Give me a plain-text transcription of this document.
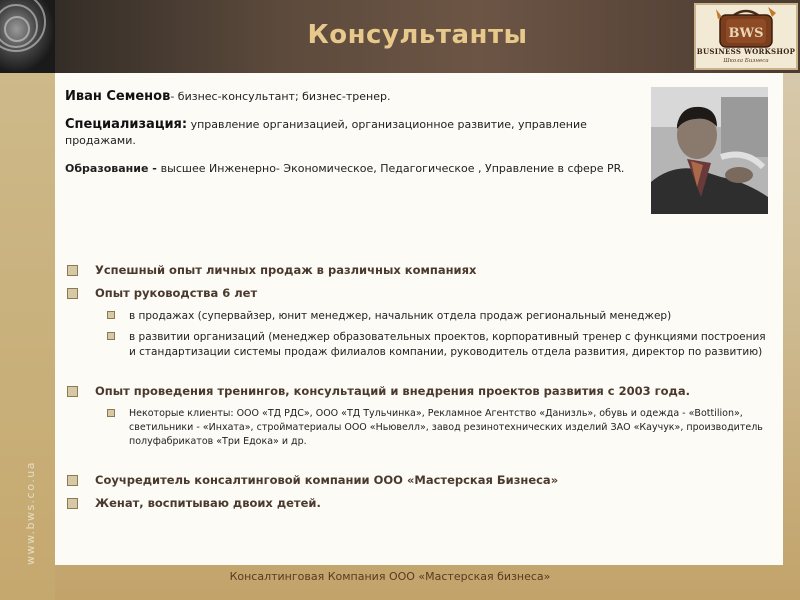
Консультанты	BWS
BUSINESS WORKSHOP
Школа Бизнеса
www.bws.co.ua

Иван Семенов- бизнес-консультант; бизнес-тренер.

Специализация: управление организацией, организационное развитие, управление продажами.

Образование - высшее Инженерно- Экономическое, Педагогическое , Управление в сфере PR.

Успешный опыт личных продаж в различных компаниях
Опыт руководства 6 лет
в продажах (супервайзер, юнит менеджер, начальник отдела продаж региональный менеджер)
в развитии организаций (менеджер образовательных проектов, корпоративный тренер с функциями построения и стандартизации системы продаж филиалов компании, руководитель отдела развития, директор по развитию)
Опыт проведения тренингов, консультаций и внедрения проектов развития с 2003 года.
Некоторые клиенты: ООО «ТД РДС», ООО «ТД Тульчинка», Рекламное Агентство «Данизль», обувь и одежда - «Bottilion», светильники - «Инхата», стройматериалы ООО «Ньювелл», завод резинотехнических изделий ЗАО «Каучук», производитель полуфабрикатов «Три Едока» и др.
Соучредитель консалтинговой компании ООО «Мастерская Бизнеса»
Женат, воспитываю двоих детей.
Консалтинговая Компания ООО «Мастерская бизнеса»
